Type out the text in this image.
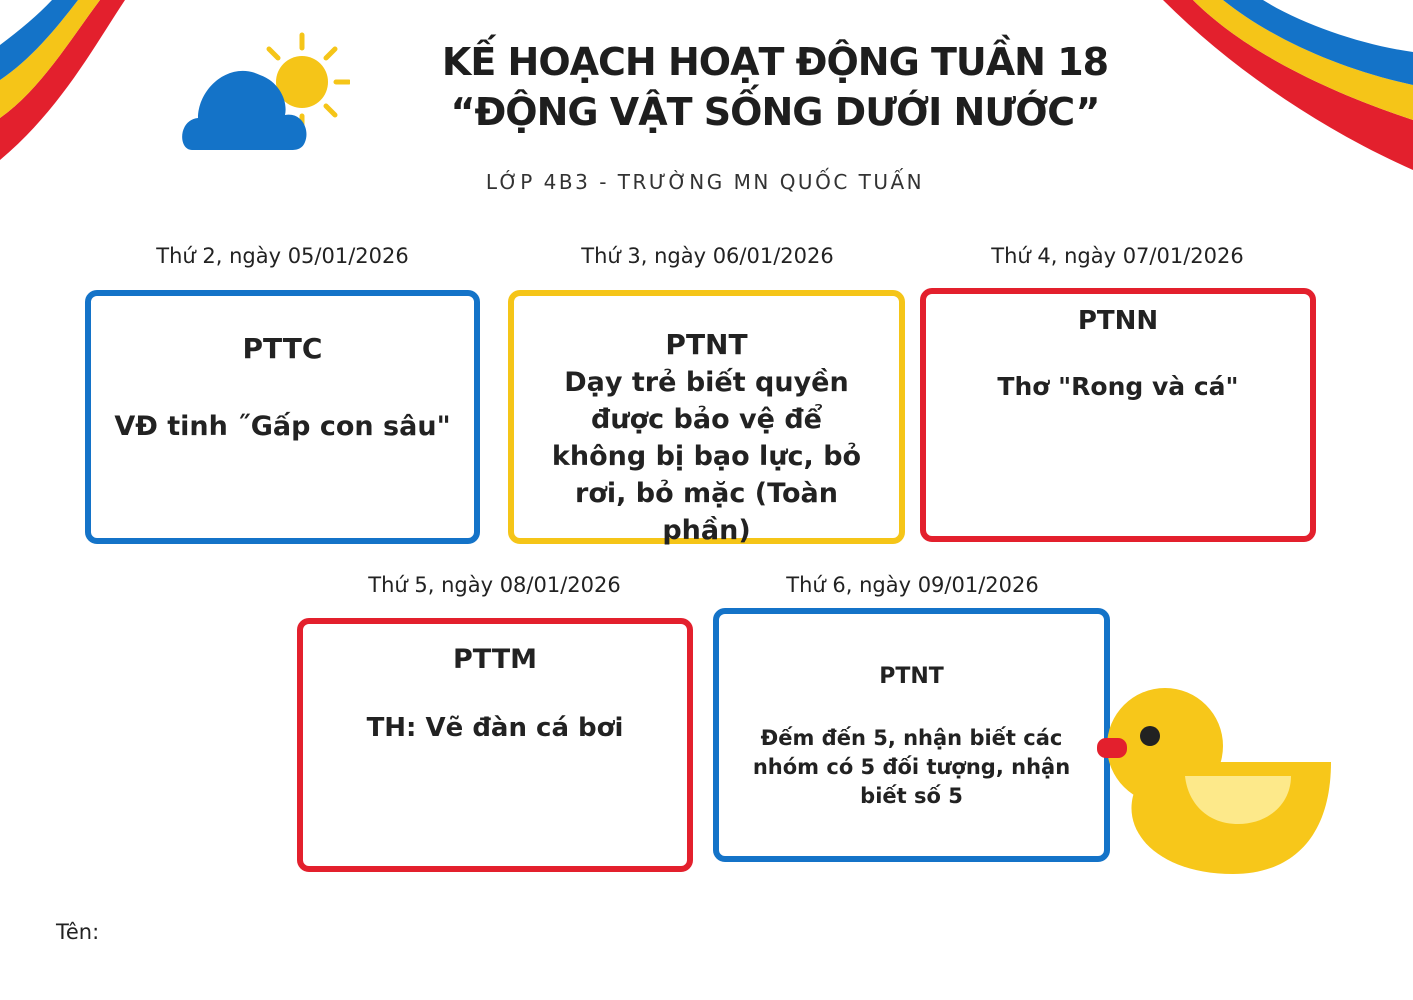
KẾ HOẠCH HOẠT ĐỘNG TUẦN 18
“ĐỘNG VẬT SỐNG DƯỚI NƯỚC”
LỚP 4B3 - TRƯỜNG MN QUỐC TUẤN
Thứ 2, ngày 05/01/2026
PTTC
VĐ tinh ˝Gấp con sâu"
Thứ 3, ngày 06/01/2026
PTNT
Dạy trẻ biết quyền được bảo vệ để không bị bạo lực, bỏ rơi, bỏ mặc (Toàn phần)
Thứ 4, ngày 07/01/2026
PTNN
Thơ "Rong và cá"
Thứ 5, ngày 08/01/2026
PTTM
TH: Vẽ đàn cá bơi
Thứ 6, ngày 09/01/2026
PTNT
Đếm đến 5, nhận biết các nhóm có 5 đối tượng, nhận biết số 5
Tên:
